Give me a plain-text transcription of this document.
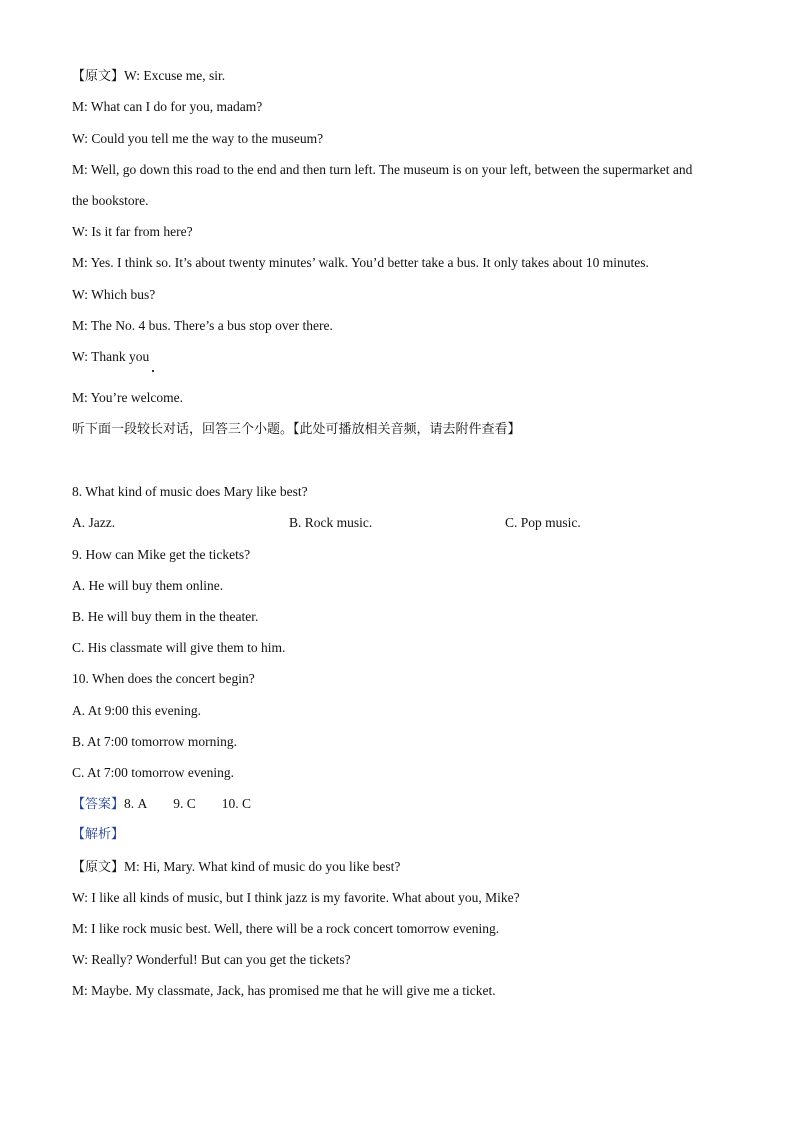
【原文】W: Excuse me, sir.
M: What can I do for you, madam?
W: Could you tell me the way to the museum?
M: Well, go down this road to the end and then turn left. The museum is on your left, between the supermarket and
the bookstore.
W: Is it far from here?
M: Yes. I think so. It’s about twenty minutes’ walk. You’d better take a bus. It only takes about 10 minutes.
W: Which bus?
M: The No. 4 bus. There’s a bus stop over there.
W: Thank you
M: You’re welcome.
听下面一段较长对话，回答三个小题。【此处可播放相关音频，请去附件查看】
8. What kind of music does Mary like best?
A. Jazz.	B. Rock music.	C. Pop music.
9. How can Mike get the tickets?
A. He will buy them online.
B. He will buy them in the theater.
C. His classmate will give them to him.
10. When does the concert begin?
A. At 9:00 this evening.
B. At 7:00 tomorrow morning.
C. At 7:00 tomorrow evening.
【答案】8. A 9. C 10. C
【解析】
【原文】M: Hi, Mary. What kind of music do you like best?
W: I like all kinds of music, but I think jazz is my favorite. What about you, Mike?
M: I like rock music best. Well, there will be a rock concert tomorrow evening.
W: Really? Wonderful! But can you get the tickets?
M: Maybe. My classmate, Jack, has promised me that he will give me a ticket.
